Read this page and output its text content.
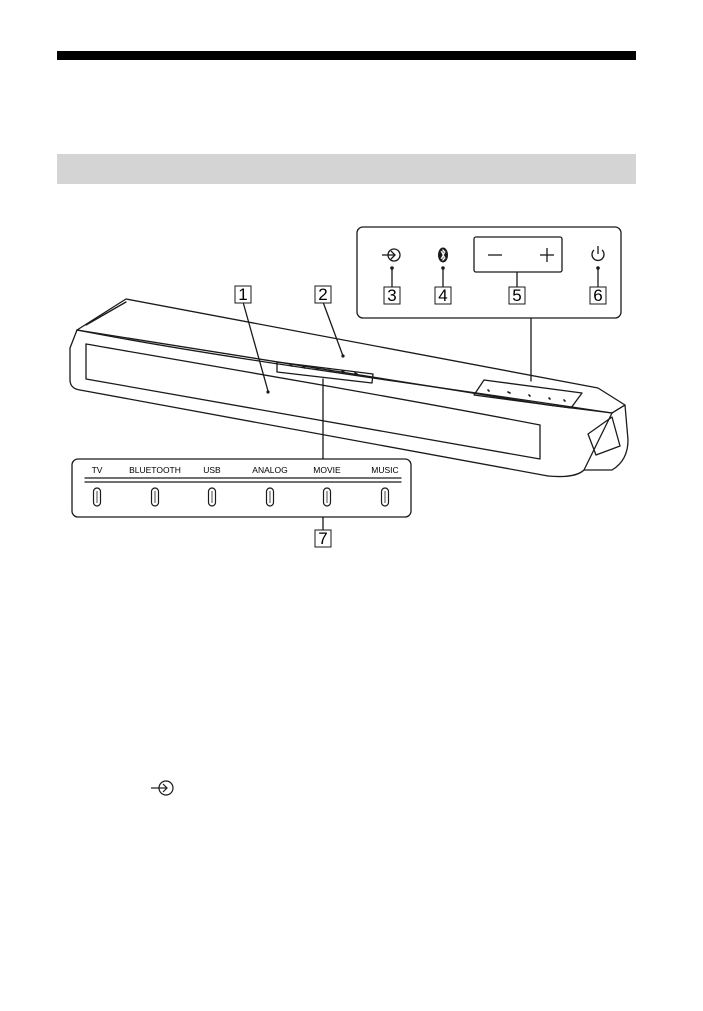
1	2	3 4	5	6
7
TV	BLUETOOTH	USB	ANALOG	MOVIE	MUSIC
